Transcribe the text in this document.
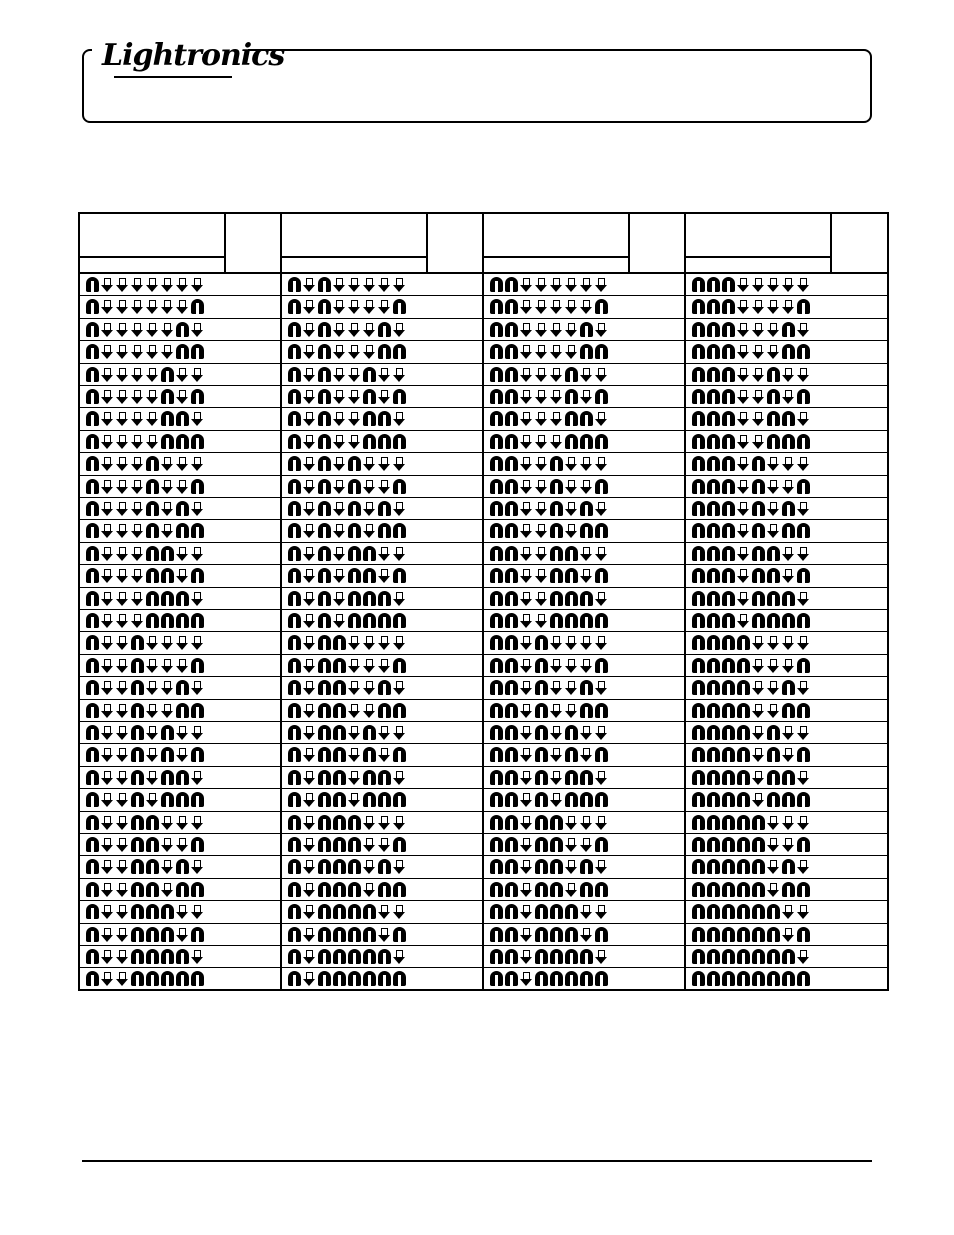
Lightronics
